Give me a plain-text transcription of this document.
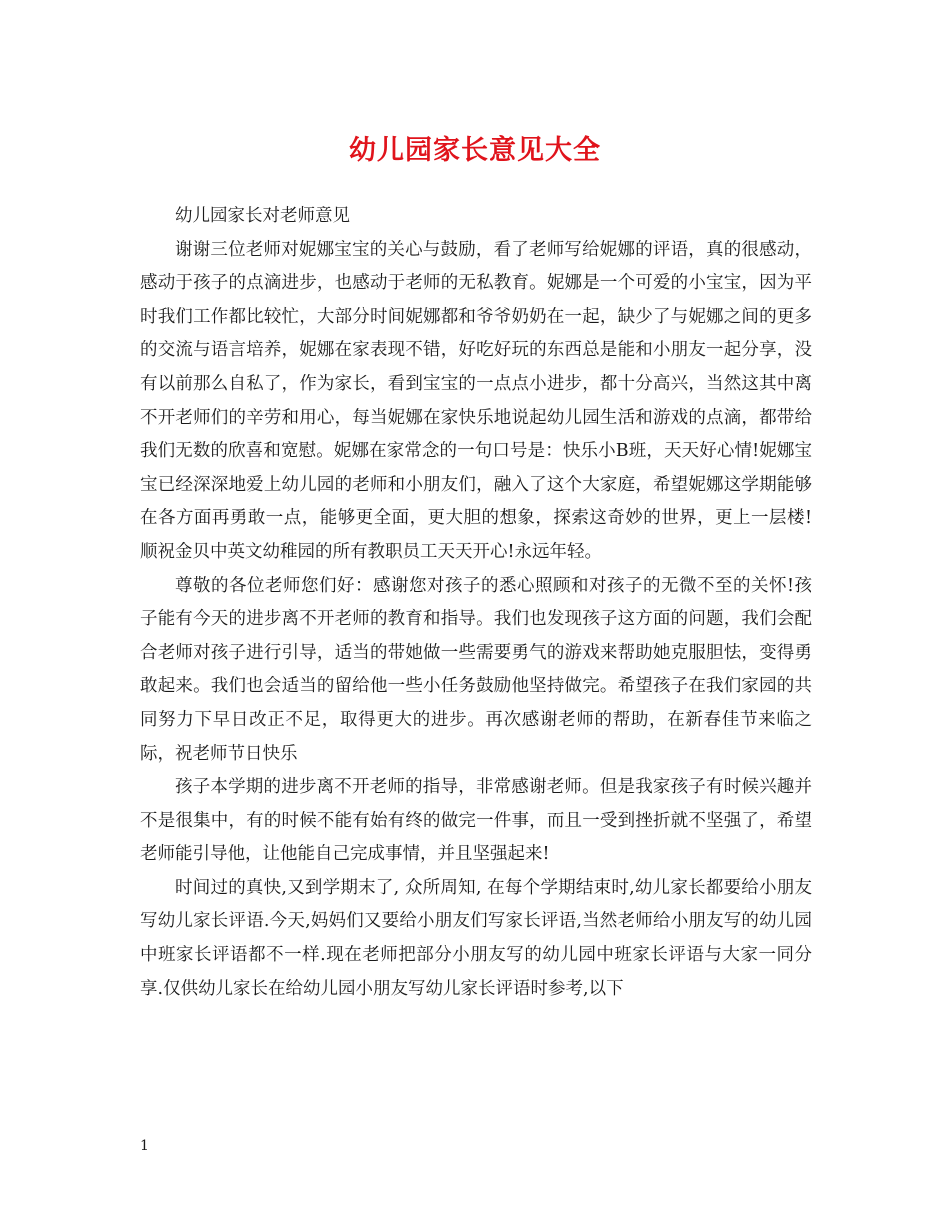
幼儿园家长意见大全

幼儿园家长对老师意见

谢谢三位老师对妮娜宝宝的关心与鼓励，看了老师写给妮娜的评语，真的很感动，感动于孩子的点滴进步，也感动于老师的无私教育。妮娜是一个可爱的小宝宝，因为平时我们工作都比较忙，大部分时间妮娜都和爷爷奶奶在一起，缺少了与妮娜之间的更多的交流与语言培养，妮娜在家表现不错，好吃好玩的东西总是能和小朋友一起分享，没有以前那么自私了，作为家长，看到宝宝的一点点小进步，都十分高兴，当然这其中离不开老师们的辛劳和用心，每当妮娜在家快乐地说起幼儿园生活和游戏的点滴，都带给我们无数的欣喜和宽慰。妮娜在家常念的一句口号是：快乐小B班，天天好心情!妮娜宝宝已经深深地爱上幼儿园的老师和小朋友们，融入了这个大家庭，希望妮娜这学期能够在各方面再勇敢一点，能够更全面，更大胆的想象，探索这奇妙的世界，更上一层楼!顺祝金贝中英文幼稚园的所有教职员工天天开心!永远年轻。

尊敬的各位老师您们好：感谢您对孩子的悉心照顾和对孩子的无微不至的关怀!孩子能有今天的进步离不开老师的教育和指导。我们也发现孩子这方面的问题，我们会配合老师对孩子进行引导，适当的带她做一些需要勇气的游戏来帮助她克服胆怯，变得勇敢起来。我们也会适当的留给他一些小任务鼓励他坚持做完。希望孩子在我们家园的共同努力下早日改正不足，取得更大的进步。再次感谢老师的帮助，在新春佳节来临之际，祝老师节日快乐

孩子本学期的进步离不开老师的指导，非常感谢老师。但是我家孩子有时候兴趣并不是很集中，有的时候不能有始有终的做完一件事，而且一受到挫折就不坚强了，希望老师能引导他，让他能自己完成事情，并且坚强起来!

时间过的真快,又到学期末了, 众所周知, 在每个学期结束时,幼儿家长都要给小朋友写幼儿家长评语.今天,妈妈们又要给小朋友们写家长评语,当然老师给小朋友写的幼儿园中班家长评语都不一样.现在老师把部分小朋友写的幼儿园中班家长评语与大家一同分享.仅供幼儿家长在给幼儿园小朋友写幼儿家长评语时参考,以下

1
